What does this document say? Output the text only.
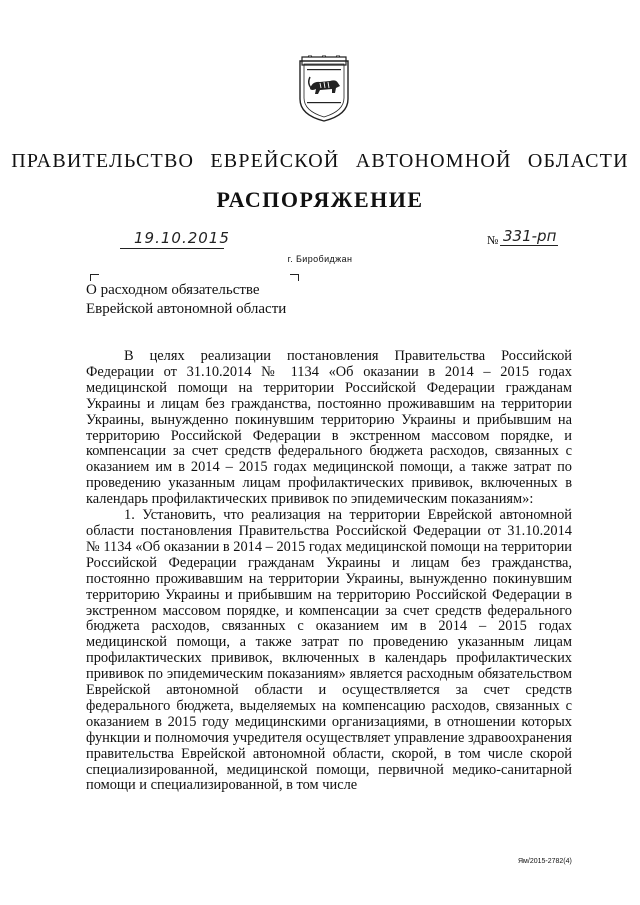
ПРАВИТЕЛЬСТВО ЕВРЕЙСКОЙ АВТОНОМНОЙ ОБЛАСТИ
РАСПОРЯЖЕНИЕ
19.10.2015	№ 331-рп
г. Биробиджан
О расходном обязательстве
Еврейской автономной области

В целях реализации постановления Правительства Российской Федерации от 31.10.2014 № 1134 «Об оказании в 2014 – 2015 годах медицинской помощи на территории Российской Федерации гражданам Украины и лицам без гражданства, постоянно проживавшим на территории Украины, вынужденно покинувшим территорию Украины и прибывшим на территорию Российской Федерации в экстренном массовом порядке, и компенсации за счет средств федерального бюджета расходов, связанных с оказанием им в 2014 – 2015 годах медицинской помощи, а также затрат по проведению указанным лицам профилактических прививок, включенных в календарь профилактических прививок по эпидемическим показаниям»:

1. Установить, что реализация на территории Еврейской автономной области постановления Правительства Российской Федерации от 31.10.2014 № 1134 «Об оказании в 2014 – 2015 годах медицинской помощи на территории Российской Федерации гражданам Украины и лицам без гражданства, постоянно проживавшим на территории Украины, вынужденно покинувшим территорию Украины и прибывшим на территорию Российской Федерации в экстренном массовом порядке, и компенсации за счет средств федерального бюджета расходов, связанных с оказанием им в 2014 – 2015 годах медицинской помощи, а также затрат по проведению указанным лицам профилактических прививок, включенных в календарь профилактических прививок по эпидемическим показаниям» является расходным обязательством Еврейской автономной области и осуществляется за счет средств федерального бюджета, выделяемых на компенсацию расходов, связанных с оказанием в 2015 году медицинскими организациями, в отношении которых функции и полномочия учредителя осуществляет управление здравоохранения правительства Еврейской автономной области, скорой, в том числе скорой специализированной, медицинской помощи, первичной медико-санитарной помощи и специализированной, в том числе

Ям/2015-2782(4)
